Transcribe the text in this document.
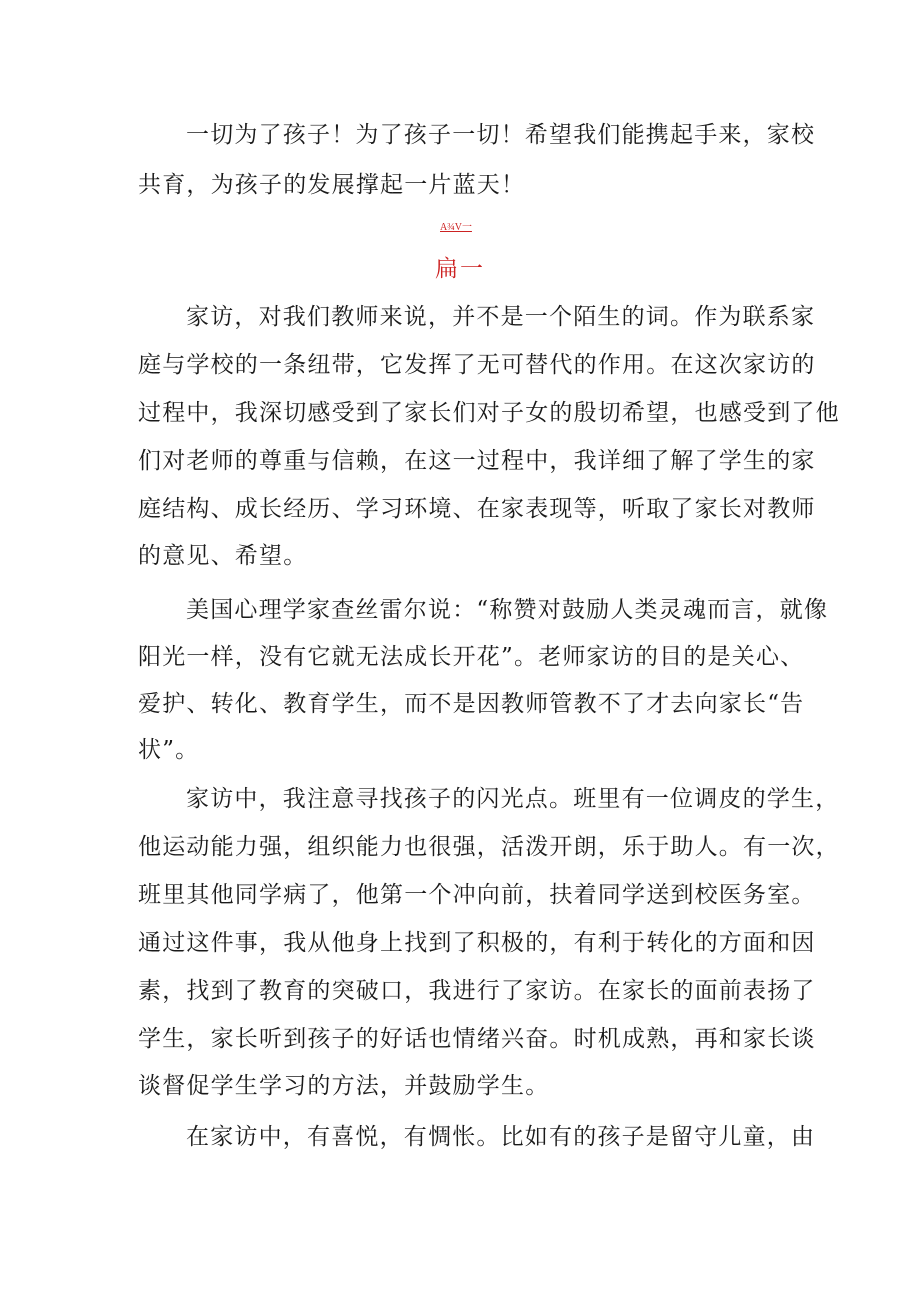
一切为了孩子！为了孩子一切！希望我们能携起手来，家校
共育，为孩子的发展撑起一片蓝天！
A¾V一
扁一
家访，对我们教师来说，并不是一个陌生的词。作为联系家
庭与学校的一条纽带，它发挥了无可替代的作用。在这次家访的
过程中，我深切感受到了家长们对子女的殷切希望，也感受到了他
们对老师的尊重与信赖，在这一过程中，我详细了解了学生的家
庭结构、成长经历、学习环境、在家表现等，听取了家长对教师
的意见、希望。
美国心理学家查丝雷尔说：“称赞对鼓励人类灵魂而言，就像
阳光一样，没有它就无法成长开花”。老师家访的目的是关心、
爱护、转化、教育学生，而不是因教师管教不了才去向家长“告
状”。
家访中，我注意寻找孩子的闪光点。班里有一位调皮的学生，
他运动能力强，组织能力也很强，活泼开朗，乐于助人。有一次，
班里其他同学病了，他第一个冲向前，扶着同学送到校医务室。
通过这件事，我从他身上找到了积极的，有利于转化的方面和因
素，找到了教育的突破口，我进行了家访。在家长的面前表扬了
学生，家长听到孩子的好话也情绪兴奋。时机成熟，再和家长谈
谈督促学生学习的方法，并鼓励学生。
在家访中，有喜悦，有惆怅。比如有的孩子是留守儿童，由
